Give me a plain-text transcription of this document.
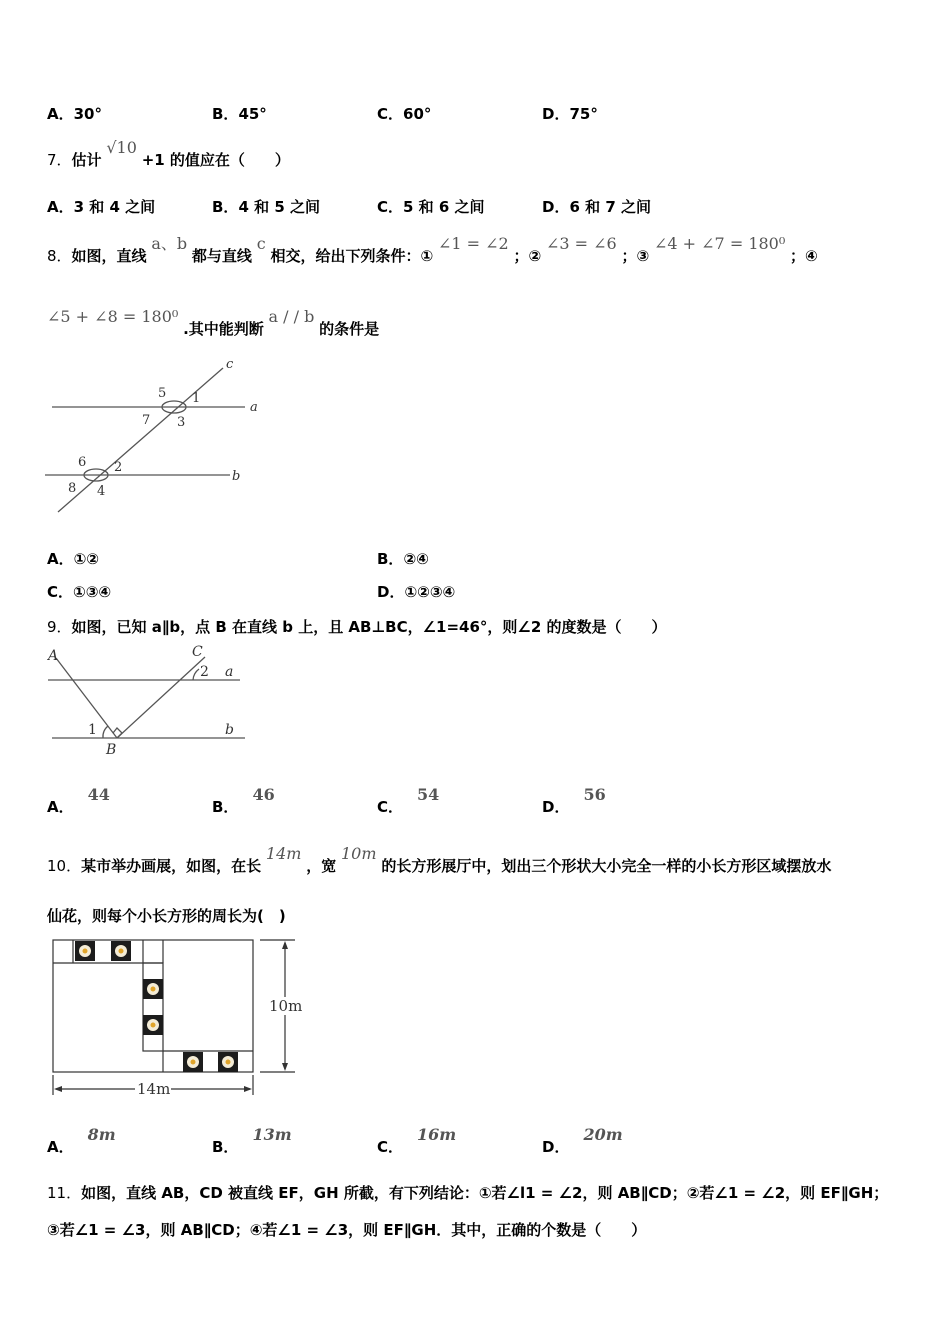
A．30°	B．45°	C．60°	D．75°
7．估计 √10 +1 的值应在（　　）
A．3 和 4 之间	B．4 和 5 之间	C．5 和 6 之间	D．6 和 7 之间
8．如图，直线 a、b 都与直线 c 相交，给出下列条件：① ∠1 = ∠2 ；② ∠3 = ∠6 ；③ ∠4 + ∠7 = 180⁰ ；④
∠5 + ∠8 = 180⁰ .其中能判断 a / / b 的条件是
c
a
b
5 1
7 3
6 2
8 4
A．①②	B．②④
C．①③④	D．①②③④
9．如图，已知 a∥b，点 B 在直线 b 上，且 AB⊥BC，∠1=46°，则∠2 的度数是（　　）
A	C
2 a
1	b
B
A．44
B．46
C．54
D．56
10．某市举办画展，如图，在长 14m ，宽 10m 的长方形展厅中，划出三个形状大小完全一样的小长方形区域摆放水
仙花，则每个小长方形的周长为(　)
10m
14m
A．8m
B．13m
C．16m
D．20m
11．如图，直线 AB，CD 被直线 EF，GH 所截，有下列结论：①若∠l1 = ∠2，则 AB∥CD；②若∠1 = ∠2，则 EF∥GH；
③若∠1 = ∠3，则 AB∥CD；④若∠1 = ∠3，则 EF∥GH．其中，正确的个数是（　　）
